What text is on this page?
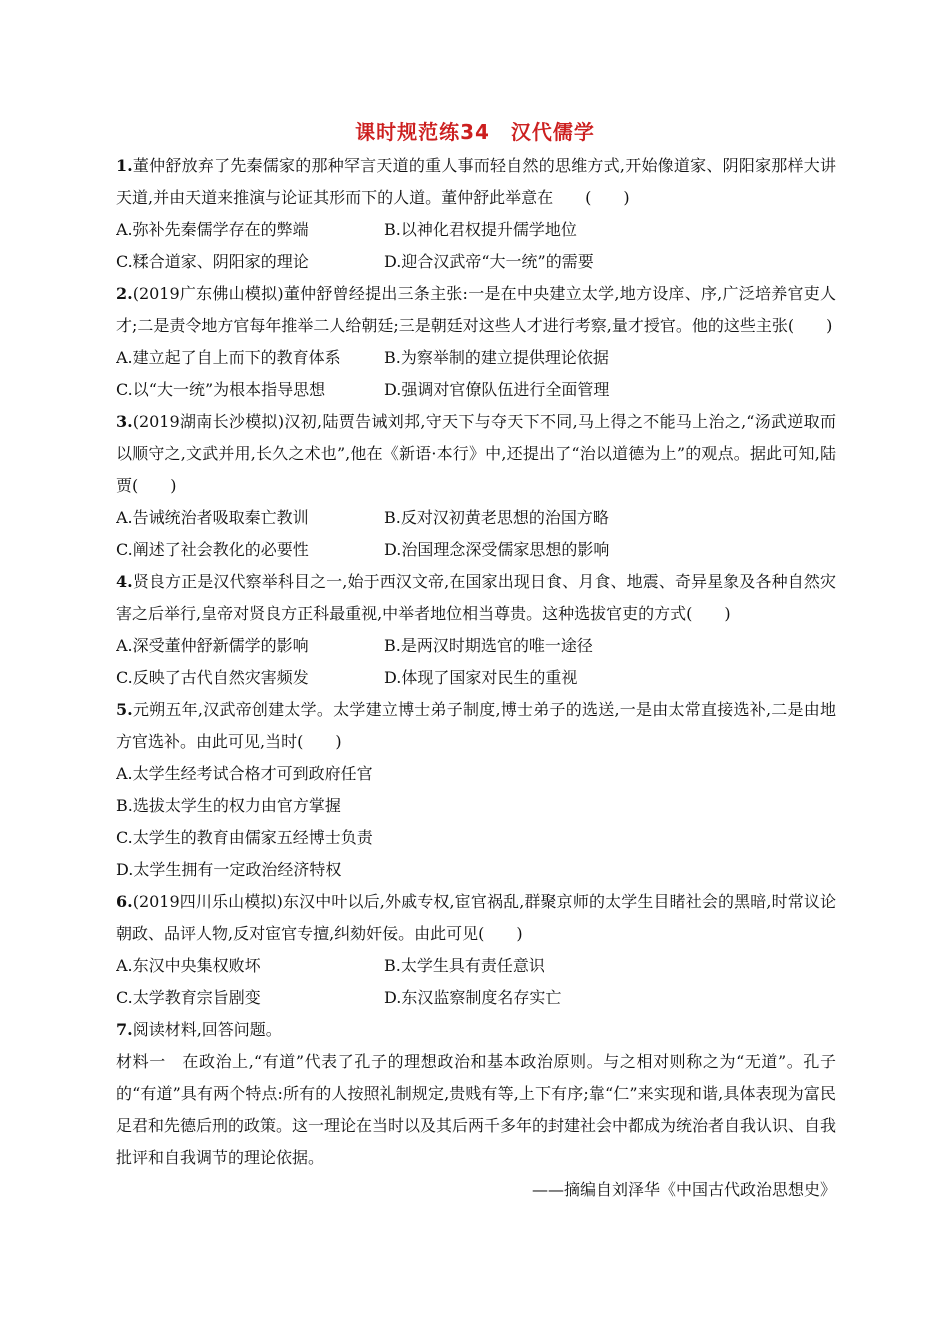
课时规范练34　汉代儒学

1.董仲舒放弃了先秦儒家的那种罕言天道的重人事而轻自然的思维方式,开始像道家、阴阳家那样大讲天道,并由天道来推演与论证其形而下的人道。董仲舒此举意在　　(　　)

A.弥补先秦儒学存在的弊端	B.以神化君权提升儒学地位
C.糅合道家、阴阳家的理论	D.迎合汉武帝“大一统”的需要

2.(2019广东佛山模拟)董仲舒曾经提出三条主张:一是在中央建立太学,地方设庠、序,广泛培养官吏人才;二是责令地方官每年推举二人给朝廷;三是朝廷对这些人才进行考察,量才授官。他的这些主张(　　)

A.建立起了自上而下的教育体系	B.为察举制的建立提供理论依据
C.以“大一统”为根本指导思想	D.强调对官僚队伍进行全面管理

3.(2019湖南长沙模拟)汉初,陆贾告诫刘邦,守天下与夺天下不同,马上得之不能马上治之,“汤武逆取而以顺守之,文武并用,长久之术也”,他在《新语·本行》中,还提出了“治以道德为上”的观点。据此可知,陆贾(　　)

A.告诫统治者吸取秦亡教训	B.反对汉初黄老思想的治国方略
C.阐述了社会教化的必要性	D.治国理念深受儒家思想的影响

4.贤良方正是汉代察举科目之一,始于西汉文帝,在国家出现日食、月食、地震、奇异星象及各种自然灾害之后举行,皇帝对贤良方正科最重视,中举者地位相当尊贵。这种选拔官吏的方式(　　)

A.深受董仲舒新儒学的影响	B.是两汉时期选官的唯一途径
C.反映了古代自然灾害频发	D.体现了国家对民生的重视

5.元朔五年,汉武帝创建太学。太学建立博士弟子制度,博士弟子的选送,一是由太常直接选补,二是由地方官选补。由此可见,当时(　　)

A.太学生经考试合格才可到政府任官
B.选拔太学生的权力由官方掌握
C.太学生的教育由儒家五经博士负责
D.太学生拥有一定政治经济特权

6.(2019四川乐山模拟)东汉中叶以后,外戚专权,宦官祸乱,群聚京师的太学生目睹社会的黑暗,时常议论朝政、品评人物,反对宦官专擅,纠劾奸佞。由此可见(　　)

A.东汉中央集权败坏	B.太学生具有责任意识
C.太学教育宗旨剧变	D.东汉监察制度名存实亡

7.阅读材料,回答问题。

材料一　在政治上,“有道”代表了孔子的理想政治和基本政治原则。与之相对则称之为“无道”。孔子的“有道”具有两个特点:所有的人按照礼制规定,贵贱有等,上下有序;靠“仁”来实现和谐,具体表现为富民足君和先德后刑的政策。这一理论在当时以及其后两千多年的封建社会中都成为统治者自我认识、自我批评和自我调节的理论依据。

——摘编自刘泽华《中国古代政治思想史》
